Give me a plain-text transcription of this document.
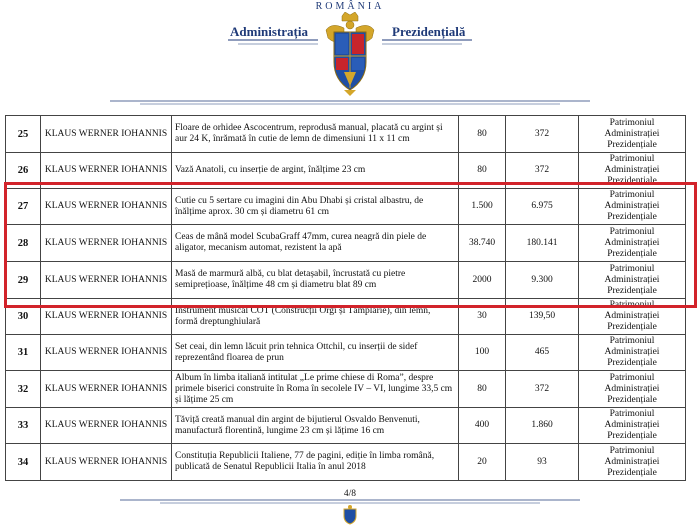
ROMÂNIA
Administrația	Prezidențială
25	KLAUS WERNER IOHANNIS	Floare de orhidee Ascocentrum, reprodusă manual, placată cu argint și aur 24 K, înrămată în cutie de lemn de dimensiuni 11 x 11 cm	80	372	Patrimoniul Administrației Prezidențiale
26	KLAUS WERNER IOHANNIS	Vază Anatoli, cu inserție de argint, înălțime 23 cm	80	372	Patrimoniul Administrației Prezidențiale
27	KLAUS WERNER IOHANNIS	Cutie cu 5 sertare cu imagini din Abu Dhabi și cristal albastru, de înălțime aprox. 30 cm și diametru 61 cm	1.500	6.975	Patrimoniul Administrației Prezidențiale
28	KLAUS WERNER IOHANNIS	Ceas de mână model ScubaGraff 47mm, curea neagră din piele de aligator, mecanism automat, rezistent la apă	38.740	180.141	Patrimoniul Administrației Prezidențiale
29	KLAUS WERNER IOHANNIS	Masă de marmură albă, cu blat detașabil, încrustată cu pietre semiprețioase, înălțime 48 cm și diametru blat 89 cm	2000	9.300	Patrimoniul Administrației Prezidențiale
30	KLAUS WERNER IOHANNIS	Instrument musical COT (Construcții Orgi și Tâmplărie), din lemn, formă dreptunghiulară	30	139,50	Patrimoniul Administrației Prezidențiale
31	KLAUS WERNER IOHANNIS	Set ceai, din lemn lăcuit prin tehnica Ottchil, cu inserții de sidef reprezentând floarea de prun	100	465	Patrimoniul Administrației Prezidențiale
32	KLAUS WERNER IOHANNIS	Album în limba italiană intitulat „Le prime chiese di Roma”, despre primele biserici construite în Roma în secolele IV – VI, lungime 33,5 cm și lățime 25 cm	80	372	Patrimoniul Administrației Prezidențiale
33	KLAUS WERNER IOHANNIS	Tăviță creată manual din argint de bijutierul Osvaldo Benvenuti, manufactură florentină, lungime 23 cm și lățime 16 cm	400	1.860	Patrimoniul Administrației Prezidențiale
34	KLAUS WERNER IOHANNIS	Constituția Republicii Italiene, 77 de pagini, ediție în limba română, publicată de Senatul Republicii Italia în anul 2018	20	93	Patrimoniul Administrației Prezidențiale
4/8
